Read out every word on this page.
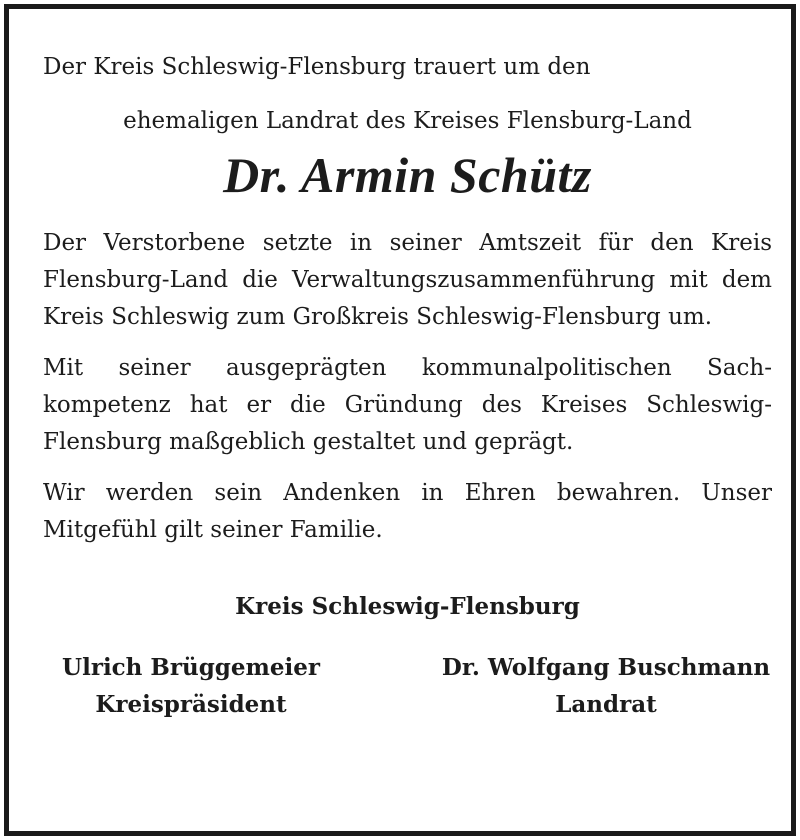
Der Kreis Schleswig-Flensburg trauert um den

ehemaligen Landrat des Kreises Flensburg-Land

Dr. Armin Schütz

Der Verstorbene setzte in seiner Amtszeit für den Kreis Flensburg-Land die Verwaltungszusammenführung mit dem Kreis Schleswig zum Großkreis Schleswig-Flensburg um.

Mit seiner ausgeprägten kommunalpolitischen Sachkompetenz hat er die Gründung des Kreises Schleswig-Flensburg maßgeblich gestaltet und geprägt.

Wir werden sein Andenken in Ehren bewahren. Unser Mitgefühl gilt seiner Familie.

Kreis Schleswig-Flensburg
Ulrich Brüggemeier
Kreispräsident
Dr. Wolfgang Buschmann
Landrat
